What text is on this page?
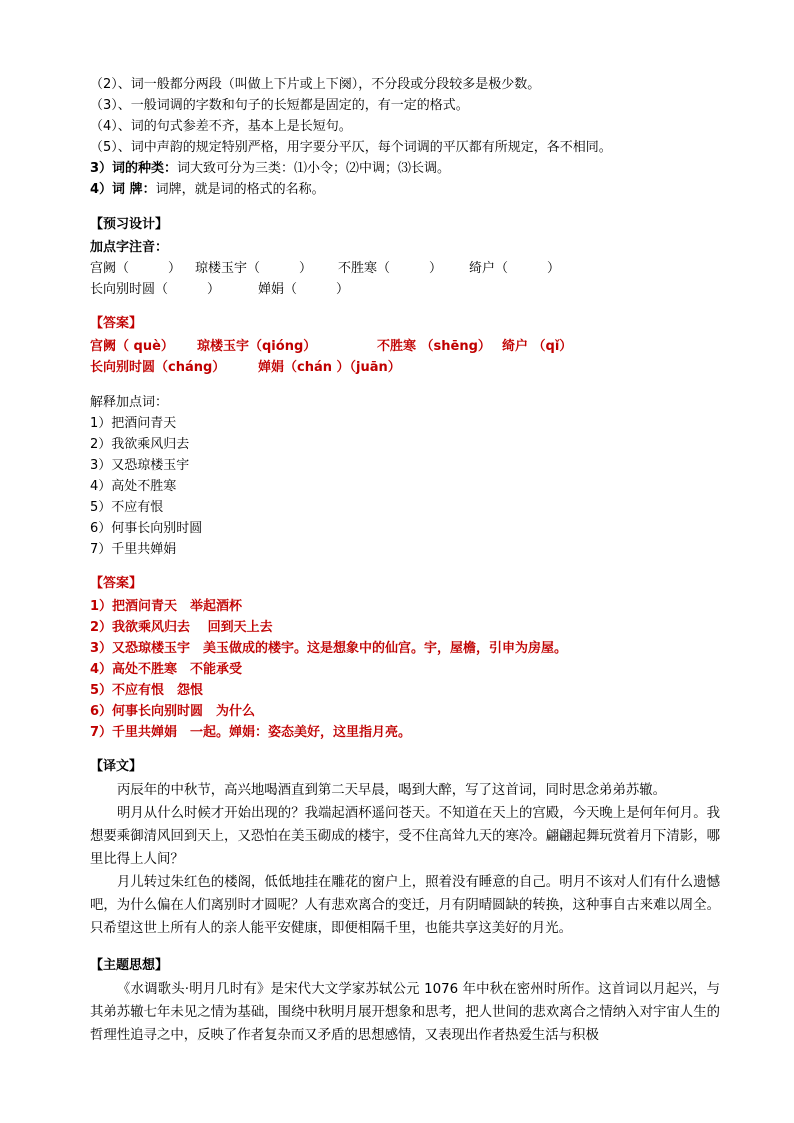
（2）、词一般都分两段（叫做上下片或上下阕），不分段或分段较多是极少数。
（3）、一般词调的字数和句子的长短都是固定的，有一定的格式。
（4）、词的句式参差不齐，基本上是长短句。
（5）、词中声韵的规定特别严格，用字要分平仄，每个词调的平仄都有所规定，各不相同。
3）词的种类：词大致可分为三类：⑴小令；⑵中调；⑶长调。
4）词 牌：词牌，就是词的格式的名称。
【预习设计】
加点字注音：
宫阙（　　　） 琼楼玉宇（　　　） 不胜寒（　　　） 绮户（　　　）
长向别时圆（　　　）	婵娟（　　　）
【答案】
宫阙（ què） 琼楼玉宇（qióng）	不胜寒 （shēng） 绮户 （qǐ）
长向别时圆（cháng）	婵娟（chán ）（juān）
解释加点词：
1）把酒问青天
2）我欲乘风归去
3）又恐琼楼玉宇
4）高处不胜寒
5）不应有恨
6）何事长向别时圆
7）千里共婵娟
【答案】
1）把酒问青天　举起酒杯
2）我欲乘风归去　 回到天上去
3）又恐琼楼玉宇　美玉做成的楼宇。这是想象中的仙宫。宇，屋檐，引申为房屋。
4）高处不胜寒　不能承受
5）不应有恨　怨恨
6）何事长向别时圆　为什么
7）千里共婵娟　一起。婵娟：姿态美好，这里指月亮。
【译文】

丙辰年的中秋节，高兴地喝酒直到第二天早晨，喝到大醉，写了这首词，同时思念弟弟苏辙。

明月从什么时候才开始出现的？我端起酒杯遥问苍天。不知道在天上的宫殿，今天晚上是何年何月。我想要乘御清风回到天上，又恐怕在美玉砌成的楼宇，受不住高耸九天的寒冷。翩翩起舞玩赏着月下清影，哪里比得上人间？

月儿转过朱红色的楼阁，低低地挂在雕花的窗户上，照着没有睡意的自己。明月不该对人们有什么遗憾吧，为什么偏在人们离别时才圆呢？人有悲欢离合的变迁，月有阴晴圆缺的转换，这种事自古来难以周全。只希望这世上所有人的亲人能平安健康，即便相隔千里，也能共享这美好的月光。

【主题思想】

《水调歌头·明月几时有》是宋代大文学家苏轼公元 1076 年中秋在密州时所作。这首词以月起兴，与其弟苏辙七年未见之情为基础，围绕中秋明月展开想象和思考，把人世间的悲欢离合之情纳入对宇宙人生的哲理性追寻之中，反映了作者复杂而又矛盾的思想感情，又表现出作者热爱生活与积极
